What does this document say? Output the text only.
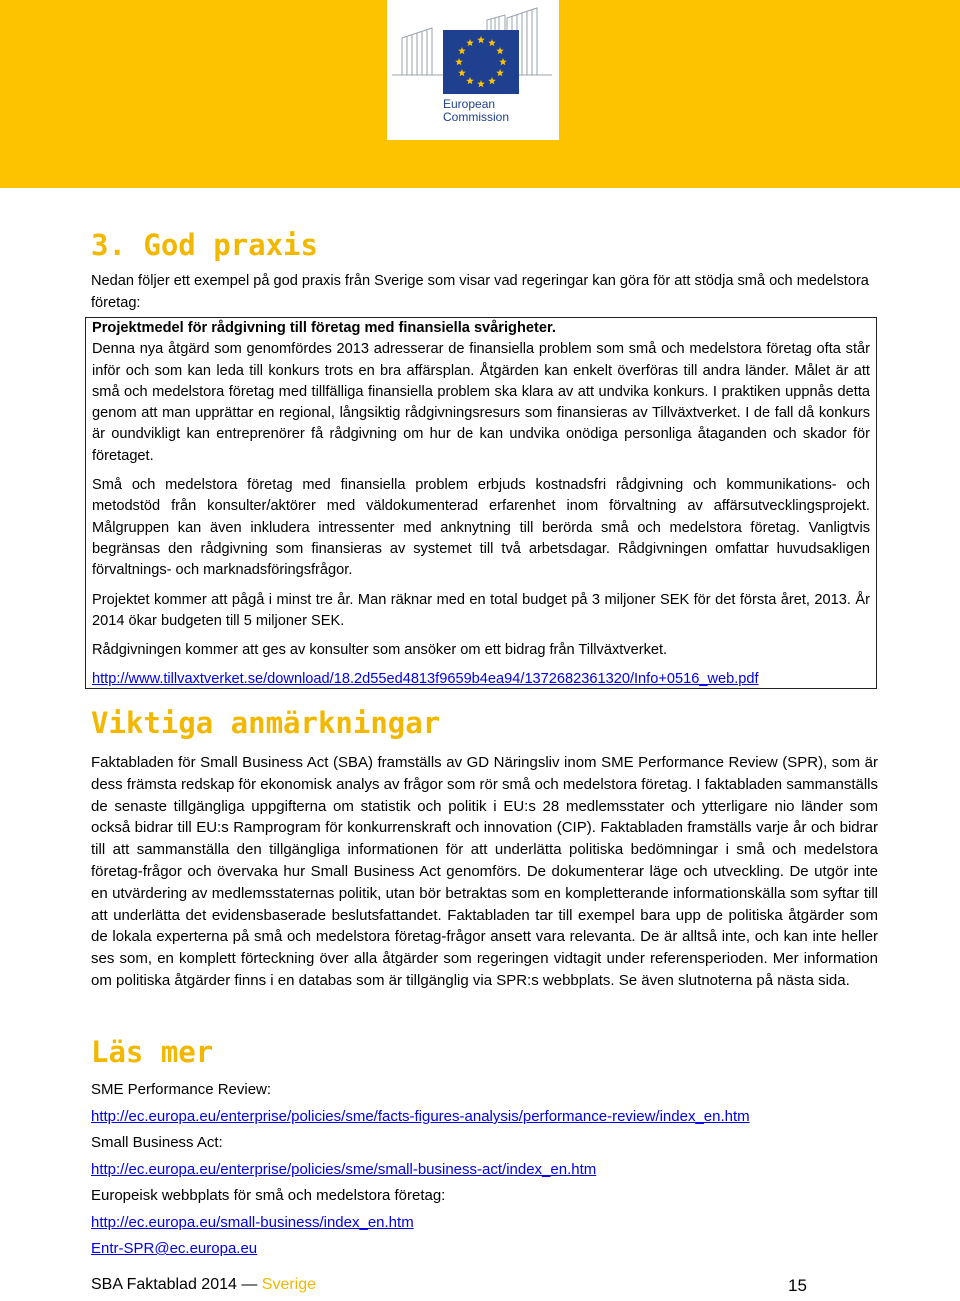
European
Commission
3. God praxis

Nedan följer ett exempel på god praxis från Sverige som visar vad regeringar kan göra för att stödja små och medelstora företag:

Projektmedel för rådgivning till företag med finansiella svårigheter.

Denna nya åtgärd som genomfördes 2013 adresserar de finansiella problem som små och medelstora företag ofta står inför och som kan leda till konkurs trots en bra affärsplan. Åtgärden kan enkelt överföras till andra länder. Målet är att små och medelstora företag med tillfälliga finansiella problem ska klara av att undvika konkurs. I praktiken uppnås detta genom att man upprättar en regional, långsiktig rådgivningsresurs som finansieras av Tillväxtverket. I de fall då konkurs är oundvikligt kan entreprenörer få rådgivning om hur de kan undvika onödiga personliga åtaganden och skador för företaget.

Små och medelstora företag med finansiella problem erbjuds kostnadsfri rådgivning och kommunikations- och metodstöd från konsulter/aktörer med väldokumenterad erfarenhet inom förvaltning av affärsutvecklingsprojekt. Målgruppen kan även inkludera intressenter med anknytning till berörda små och medelstora företag. Vanligtvis begränsas den rådgivning som finansieras av systemet till två arbetsdagar. Rådgivningen omfattar huvudsakligen förvaltnings- och marknadsföringsfrågor.

Projektet kommer att pågå i minst tre år. Man räknar med en total budget på 3 miljoner SEK för det första året, 2013. År 2014 ökar budgeten till 5 miljoner SEK.

Rådgivningen kommer att ges av konsulter som ansöker om ett bidrag från Tillväxtverket.

http://www.tillvaxtverket.se/download/18.2d55ed4813f9659b4ea94/1372682361320/Info+0516_web.pdf

Viktiga anmärkningar

Faktabladen för Small Business Act (SBA) framställs av GD Näringsliv inom SME Performance Review (SPR), som är dess främsta redskap för ekonomisk analys av frågor som rör små och medelstora företag. I faktabladen sammanställs de senaste tillgängliga uppgifterna om statistik och politik i EU:s 28 medlemsstater och ytterligare nio länder som också bidrar till EU:s Ramprogram för konkurrenskraft och innovation (CIP). Faktabladen framställs varje år och bidrar till att sammanställa den tillgängliga informationen för att underlätta politiska bedömningar i små och medelstora företag-frågor och övervaka hur Small Business Act genomförs. De dokumenterar läge och utveckling. De utgör inte en utvärdering av medlemsstaternas politik, utan bör betraktas som en kompletterande informationskälla som syftar till att underlätta det evidensbaserade beslutsfattandet. Faktabladen tar till exempel bara upp de politiska åtgärder som de lokala experterna på små och medelstora företag-frågor ansett vara relevanta. De är alltså inte, och kan inte heller ses som, en komplett förteckning över alla åtgärder som regeringen vidtagit under referensperioden. Mer information om politiska åtgärder finns i en databas som är tillgänglig via SPR:s webbplats. Se även slutnoterna på nästa sida.

Läs mer

SME Performance Review:

http://ec.europa.eu/enterprise/policies/sme/facts-figures-analysis/performance-review/index_en.htm

Small Business Act:

http://ec.europa.eu/enterprise/policies/sme/small-business-act/index_en.htm

Europeisk webbplats för små och medelstora företag:

http://ec.europa.eu/small-business/index_en.htm

Entr-SPR@ec.europa.eu

SBA Faktablad 2014 — Sverige	15
